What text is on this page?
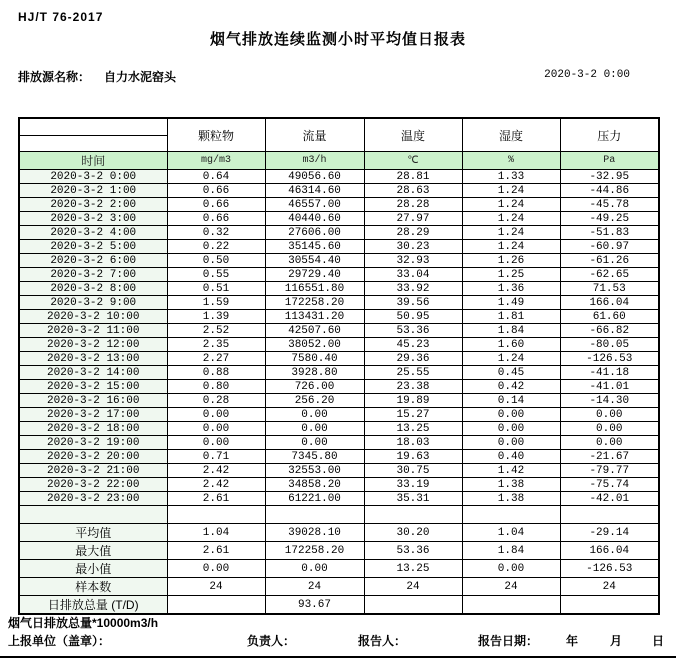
HJ/T 76-2017
烟气排放连续监测小时平均值日报表
排放源名称： 自力水泥窑头	2020-3-2 0:00
	颗粒物	流量	温度	湿度	压力
时间	mg/m3	m3/h	℃	%	Pa
2020-3-2 0:00	0.64	49056.60	28.81	1.33	-32.95
2020-3-2 1:00	0.66	46314.60	28.63	1.24	-44.86
2020-3-2 2:00	0.66	46557.00	28.28	1.24	-45.78
2020-3-2 3:00	0.66	40440.60	27.97	1.24	-49.25
2020-3-2 4:00	0.32	27606.00	28.29	1.24	-51.83
2020-3-2 5:00	0.22	35145.60	30.23	1.24	-60.97
2020-3-2 6:00	0.50	30554.40	32.93	1.26	-61.26
2020-3-2 7:00	0.55	29729.40	33.04	1.25	-62.65
2020-3-2 8:00	0.51	116551.80	33.92	1.36	71.53
2020-3-2 9:00	1.59	172258.20	39.56	1.49	166.04
2020-3-2 10:00	1.39	113431.20	50.95	1.81	61.60
2020-3-2 11:00	2.52	42507.60	53.36	1.84	-66.82
2020-3-2 12:00	2.35	38052.00	45.23	1.60	-80.05
2020-3-2 13:00	2.27	7580.40	29.36	1.24	-126.53
2020-3-2 14:00	0.88	3928.80	25.55	0.45	-41.18
2020-3-2 15:00	0.80	726.00	23.38	0.42	-41.01
2020-3-2 16:00	0.28	256.20	19.89	0.14	-14.30
2020-3-2 17:00	0.00	0.00	15.27	0.00	0.00
2020-3-2 18:00	0.00	0.00	13.25	0.00	0.00
2020-3-2 19:00	0.00	0.00	18.03	0.00	0.00
2020-3-2 20:00	0.71	7345.80	19.63	0.40	-21.67
2020-3-2 21:00	2.42	32553.00	30.75	1.42	-79.77
2020-3-2 22:00	2.42	34858.20	33.19	1.38	-75.74
2020-3-2 23:00	2.61	61221.00	35.31	1.38	-42.01

平均值	1.04	39028.10	30.20	1.04	-29.14
最大值	2.61	172258.20	53.36	1.84	166.04
最小值	0.00	0.00	13.25	0.00	-126.53
样本数	24	24	24	24	24
日排放总量 (T/D)		93.67			
烟气日排放总量*10000m3/h
上报单位（盖章）：	负责人：	报告人：	报告日期： 年	月 日
